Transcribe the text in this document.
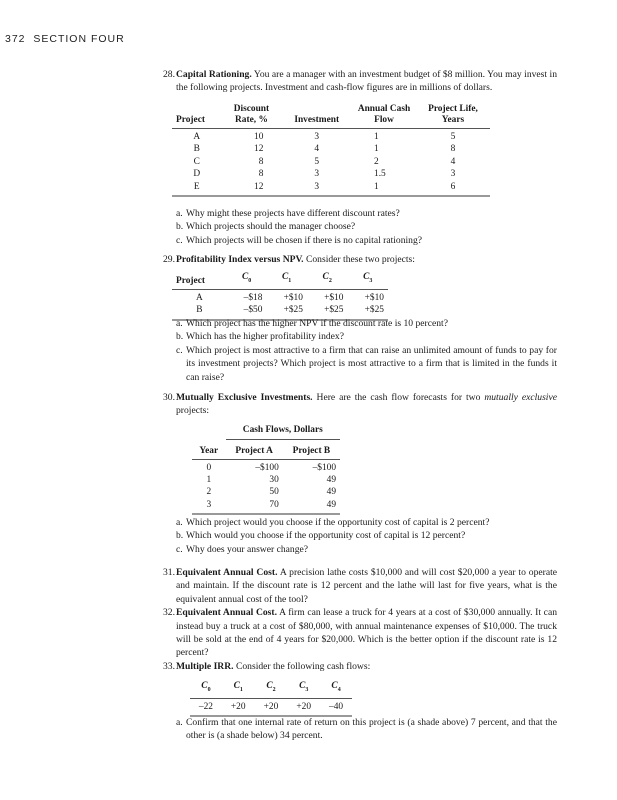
372 SECTION FOUR
28. Capital Rationing. You are a manager with an investment budget of $8 million. You may invest in the following projects. Investment and cash-flow figures are in millions of dollars.
Project	Discount Rate, %	Investment	Annual Cash Flow	Project Life, Years
A	10	3	1	5
B	12	4	1	8
C	8	5	2	4
D	8	3	1.5	3
E	12	3	1	6
a. Why might these projects have different discount rates?
b. Which projects should the manager choose?
c. Which projects will be chosen if there is no capital rationing?
29. Profitability Index versus NPV. Consider these two projects:
Project	$C_0$	$C_1$	$C_2$	$C_3$
A	–$18	+$10	+$10	+$10
B	–$50	+$25	+$25	+$25
a. Which project has the higher NPV if the discount rate is 10 percent?
b. Which has the higher profitability index?
c. Which project is most attractive to a firm that can raise an unlimited amount of funds to pay for its investment projects? Which project is most attractive to a firm that is limited in the funds it can raise?
30. Mutually Exclusive Investments. Here are the cash flow forecasts for two mutually exclusive projects:
	Cash Flows, Dollars	
Year	Project A	Project B
0	–$100	–$100
1	30	49
2	50	49
3	70	49
a. Which project would you choose if the opportunity cost of capital is 2 percent?
b. Which would you choose if the opportunity cost of capital is 12 percent?
c. Why does your answer change?
31. Equivalent Annual Cost. A precision lathe costs $10,000 and will cost $20,000 a year to operate and maintain. If the discount rate is 12 percent and the lathe will last for five years, what is the equivalent annual cost of the tool?
32. Equivalent Annual Cost. A firm can lease a truck for 4 years at a cost of $30,000 annually. It can instead buy a truck at a cost of $80,000, with annual maintenance expenses of $10,000. The truck will be sold at the end of 4 years for $20,000. Which is the better option if the discount rate is 12 percent?
33. Multiple IRR. Consider the following cash flows:
$C_0$	$C_1$	$C_2$	$C_3$	$C_4$
–22	+20	+20	+20	–40
a. Confirm that one internal rate of return on this project is (a shade above) 7 percent, and that the other is (a shade below) 34 percent.
